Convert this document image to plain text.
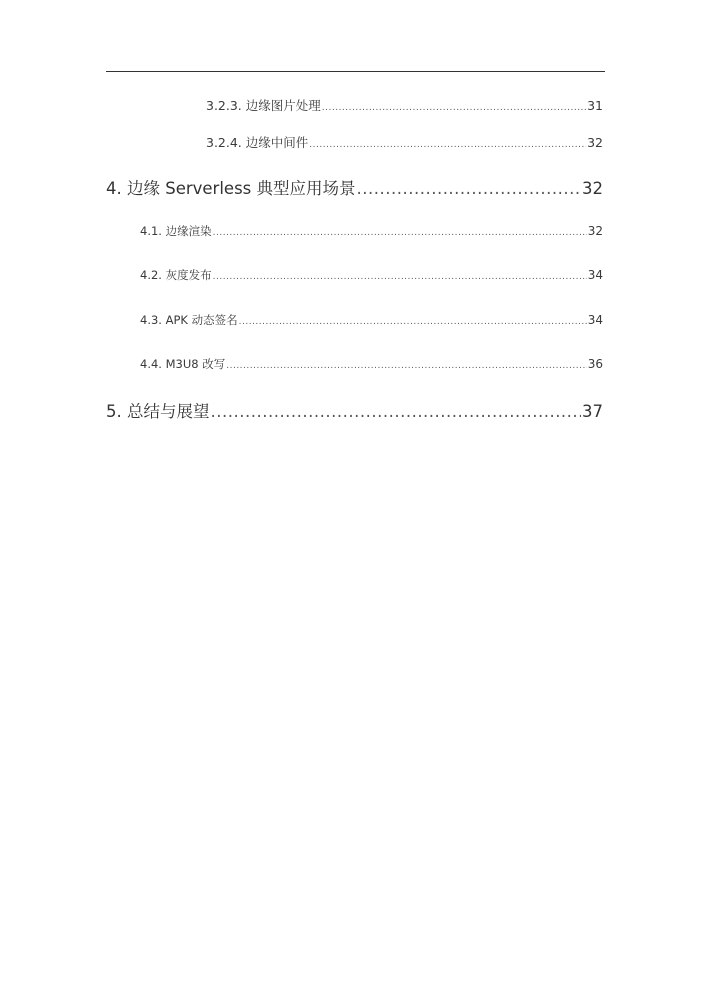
3.2.3. 边缘图片处理 .....	31
3.2.4. 边缘中间件 .....	32
4. 边缘 Serverless 典型应用场景 .....	32
4.1. 边缘渲染 .....	32
4.2. 灰度发布 .....	34
4.3. APK 动态签名 .....	34
4.4. M3U8 改写 .....	36
5. 总结与展望 .....	37
